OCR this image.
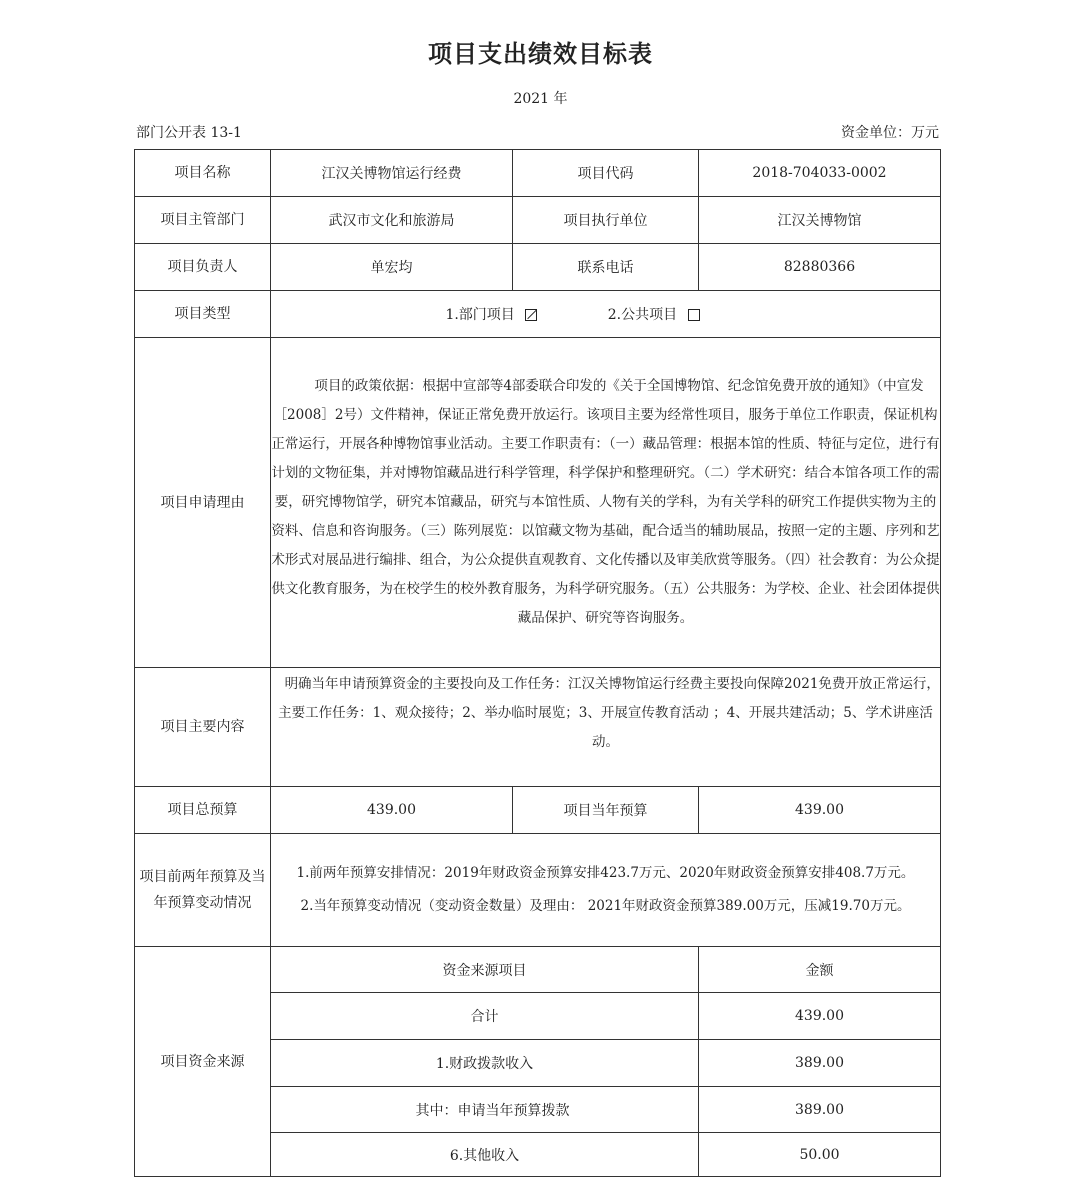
项目支出绩效目标表
2021 年
部门公开表 13-1	资金单位：万元
项目名称	江汉关博物馆运行经费	项目代码	2018-704033-0002
项目主管部门	武汉市文化和旅游局	项目执行单位	江汉关博物馆
项目负责人	单宏均	联系电话	82880366
项目类型	1.部门项目 2.公共项目		
项目申请理由	项目的政策依据：根据中宣部等4部委联合印发的《关于全国博物馆、纪念馆免费开放的通知》（中宣发［2008］2号）文件精神，保证正常免费开放运行。该项目主要为经常性项目，服务于单位工作职责，保证机构正常运行，开展各种博物馆事业活动。主要工作职责有：（一）藏品管理：根据本馆的性质、特征与定位，进行有计划的文物征集，并对博物馆藏品进行科学管理，科学保护和整理研究。（二）学术研究：结合本馆各项工作的需要，研究博物馆学，研究本馆藏品，研究与本馆性质、人物有关的学科，为有关学科的研究工作提供实物为主的资料、信息和咨询服务。（三）陈列展览：以馆藏文物为基础，配合适当的辅助展品，按照一定的主题、序列和艺术形式对展品进行编排、组合，为公众提供直观教育、文化传播以及审美欣赏等服务。（四）社会教育：为公众提供文化教育服务，为在校学生的校外教育服务，为科学研究服务。（五）公共服务：为学校、企业、社会团体提供藏品保护、研究等咨询服务。		
项目主要内容	明确当年申请预算资金的主要投向及工作任务：江汉关博物馆运行经费主要投向保障2021免费开放正常运行，主要工作任务：1、观众接待；2、举办临时展览；3、开展宣传教育活动 ；4、开展共建活动；5、学术讲座活动。		
项目总预算	439.00	项目当年预算	439.00
项目前两年预算及当年预算变动情况	1.前两年预算安排情况：2019年财政资金预算安排423.7万元、2020年财政资金预算安排408.7万元。
2.当年预算变动情况（变动资金数量）及理由： 2021年财政资金预算389.00万元，压减19.70万元。		

项目资金来源	资金来源项目		金额
	合计		439.00
	1.财政拨款收入		389.00
	其中：申请当年预算拨款		389.00
	6.其他收入		50.00
